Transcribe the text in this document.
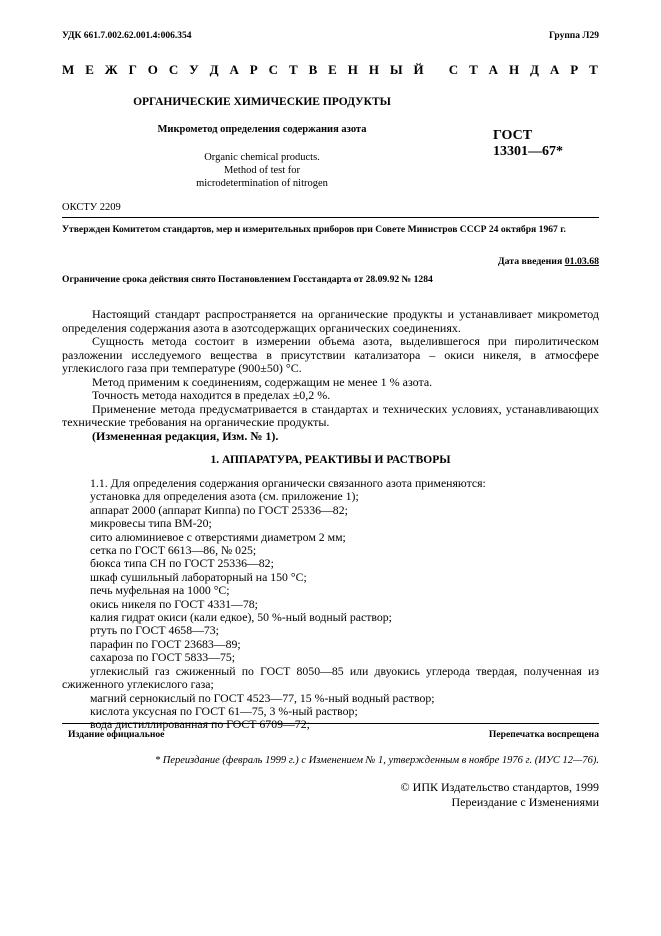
УДК 661.7.002.62.001.4:006.354	Группа Л29
М Е Ж Г О С У Д А Р С Т В Е Н Н Ы Й
С Т А Н Д А Р Т
ОРГАНИЧЕСКИЕ ХИМИЧЕСКИЕ ПРОДУКТЫ
Микрометод определения содержания азота
Organic chemical products.
Method of test for
microdetermination of nitrogen
ГОСТ
13301—67*
ОКСТУ 2209
Утвержден Комитетом стандартов, мер и измерительных приборов при Совете Министров СССР 24 октября 1967 г.
Дата введения 01.03.68
Ограничение срока действия снято Постановлением Госстандарта от 28.09.92 № 1284

Настоящий стандарт распространяется на органические продукты и устанавливает микрометод определения содержания азота в азотсодержащих органических соединениях.

Сущность метода состоит в измерении объема азота, выделившегося при пиролитическом разложении исследуемого вещества в присутствии катализатора – окиси никеля, в атмосфере углекислого газа при температуре (900±50) °С.

Метод применим к соединениям, содержащим не менее 1 % азота.

Точность метода находится в пределах ±0,2 %.

Применение метода предусматривается в стандартах и технических условиях, устанавливающих технические требования на органические продукты.

(Измененная редакция, Изм. № 1).

1. АППАРАТУРА, РЕАКТИВЫ И РАСТВОРЫ
1.1. Для определения содержания органически связанного азота применяются:
установка для определения азота (см. приложение 1);
аппарат 2000 (аппарат Киппа) по ГОСТ 25336—82;
микровесы типа ВМ-20;
сито алюминиевое с отверстиями диаметром 2 мм;
сетка по ГОСТ 6613—86, № 025;
бюкса типа СН по ГОСТ 25336—82;
шкаф сушильный лабораторный на 150 °С;
печь муфельная на 1000 °С;
окись никеля по ГОСТ 4331—78;
калия гидрат окиси (кали едкое), 50 %-ный водный раствор;
ртуть по ГОСТ 4658—73;
парафин по ГОСТ 23683—89;
сахароза по ГОСТ 5833—75;
углекислый газ сжиженный по ГОСТ 8050—85 или двуокись углерода твердая, полученная из сжиженного углекислого газа;
магний сернокислый по ГОСТ 4523—77, 15 %-ный водный раствор;
кислота уксусная по ГОСТ 61—75, 3 %-ный раствор;
вода дистиллированная по ГОСТ 6709—72;
Издание официальное	Перепечатка воспрещена
* Переиздание (февраль 1999 г.) с Изменением № 1, утвержденным в ноябре 1976 г. (ИУС 12—76).
© ИПК Издательство стандартов, 1999
Переиздание с Изменениями
